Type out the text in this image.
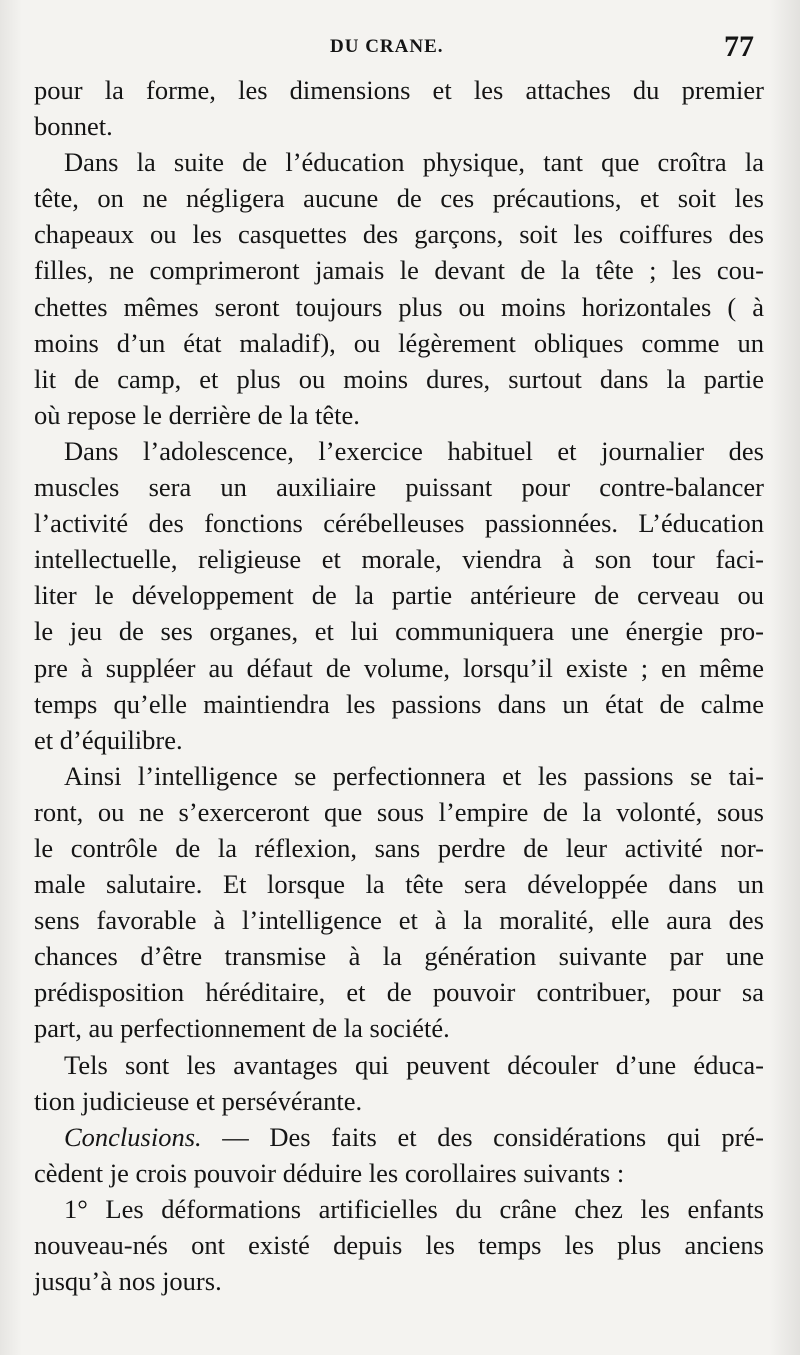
DU CRANE.	77
pour la forme, les dimensions et les attaches du premier
bonnet.
Dans la suite de l’éducation physique, tant que croîtra la
tête, on ne négligera aucune de ces précautions, et soit les
chapeaux ou les casquettes des garçons, soit les coiffures des
filles, ne comprimeront jamais le devant de la tête ; les cou-
chettes mêmes seront toujours plus ou moins horizontales ( à
moins d’un état maladif), ou légèrement obliques comme un
lit de camp, et plus ou moins dures, surtout dans la partie
où repose le derrière de la tête.
Dans l’adolescence, l’exercice habituel et journalier des
muscles sera un auxiliaire puissant pour contre-balancer
l’activité des fonctions cérébelleuses passionnées. L’éducation
intellectuelle, religieuse et morale, viendra à son tour faci-
liter le développement de la partie antérieure de cerveau ou
le jeu de ses organes, et lui communiquera une énergie pro-
pre à suppléer au défaut de volume, lorsqu’il existe ; en même
temps qu’elle maintiendra les passions dans un état de calme
et d’équilibre.
Ainsi l’intelligence se perfectionnera et les passions se tai-
ront, ou ne s’exerceront que sous l’empire de la volonté, sous
le contrôle de la réflexion, sans perdre de leur activité nor-
male salutaire. Et lorsque la tête sera développée dans un
sens favorable à l’intelligence et à la moralité, elle aura des
chances d’être transmise à la génération suivante par une
prédisposition héréditaire, et de pouvoir contribuer, pour sa
part, au perfectionnement de la société.
Tels sont les avantages qui peuvent découler d’une éduca-
tion judicieuse et persévérante.
Conclusions. — Des faits et des considérations qui pré-
cèdent je crois pouvoir déduire les corollaires suivants :
1° Les déformations artificielles du crâne chez les enfants
nouveau-nés ont existé depuis les temps les plus anciens
jusqu’à nos jours.
